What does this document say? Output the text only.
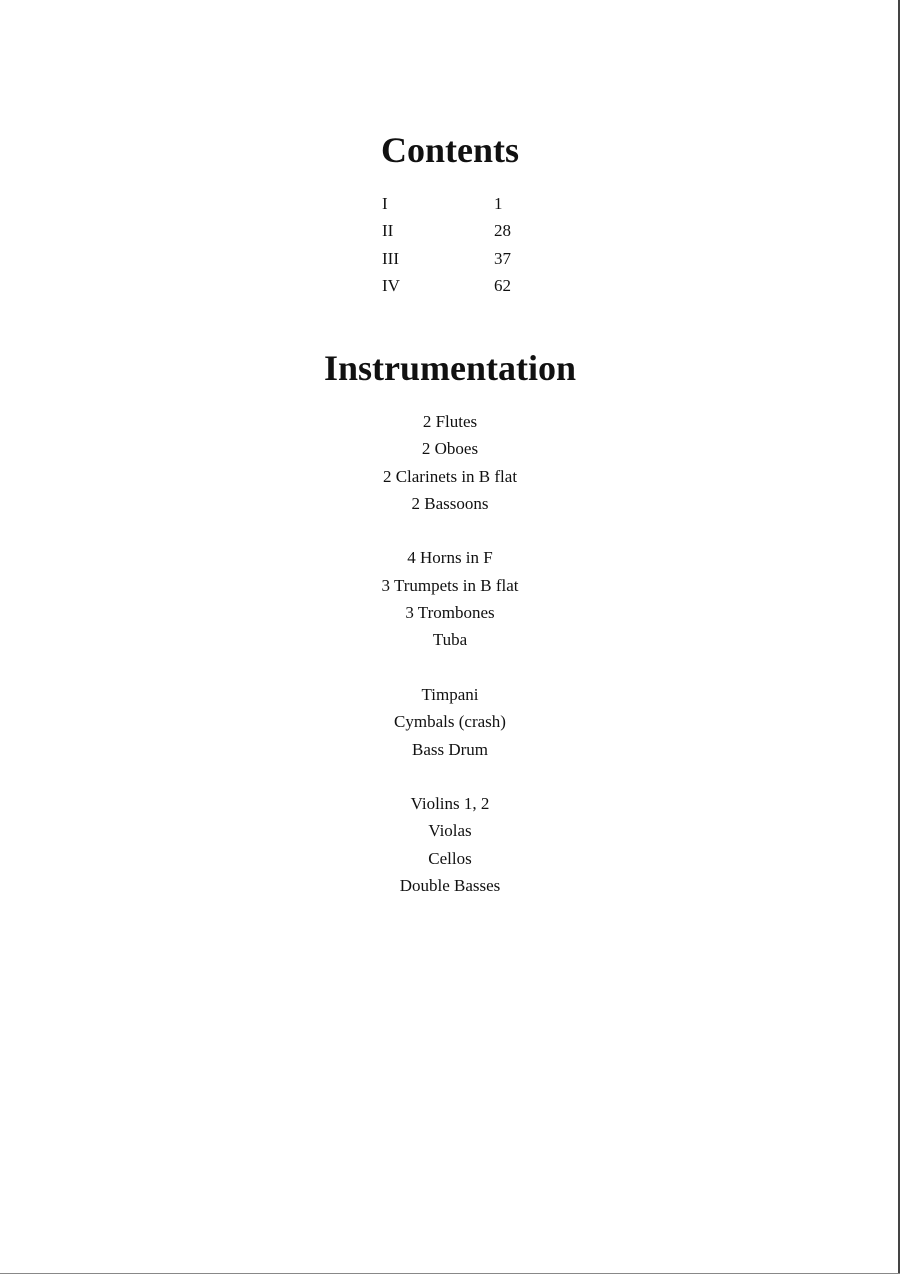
Contents
I	1
II	28
III	37
IV	62
Instrumentation
2 Flutes
2 Oboes
2 Clarinets in B flat
2 Bassoons
4 Horns in F
3 Trumpets in B flat
3 Trombones
Tuba
Timpani
Cymbals (crash)
Bass Drum
Violins 1, 2
Violas
Cellos
Double Basses
